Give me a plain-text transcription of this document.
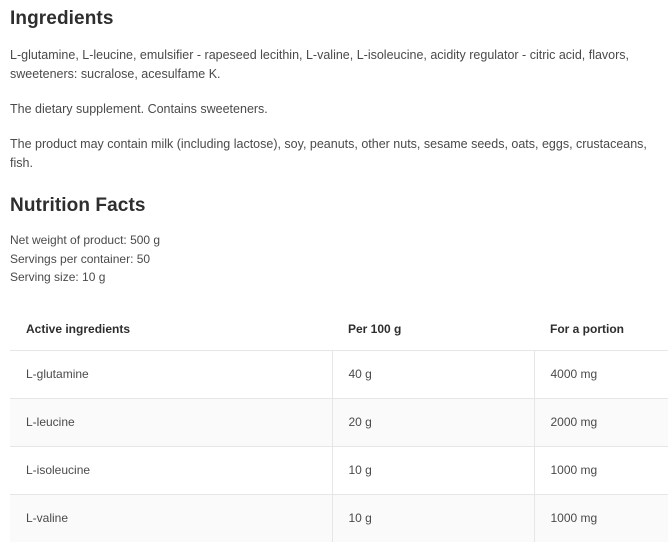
Ingredients

L-glutamine, L-leucine, emulsifier - rapeseed lecithin, L-valine, L-isoleucine, acidity regulator - citric acid, flavors, sweeteners: sucralose, acesulfame K.

The dietary supplement. Contains sweeteners.

The product may contain milk (including lactose), soy, peanuts, other nuts, sesame seeds, oats, eggs, crustaceans, fish.

Nutrition Facts
Net weight of product: 500 g
Servings per container: 50
Serving size: 10 g
Active ingredients	Per 100 g	For a portion
L-glutamine	40 g	4000 mg
L-leucine	20 g	2000 mg
L-isoleucine	10 g	1000 mg
L-valine	10 g	1000 mg
